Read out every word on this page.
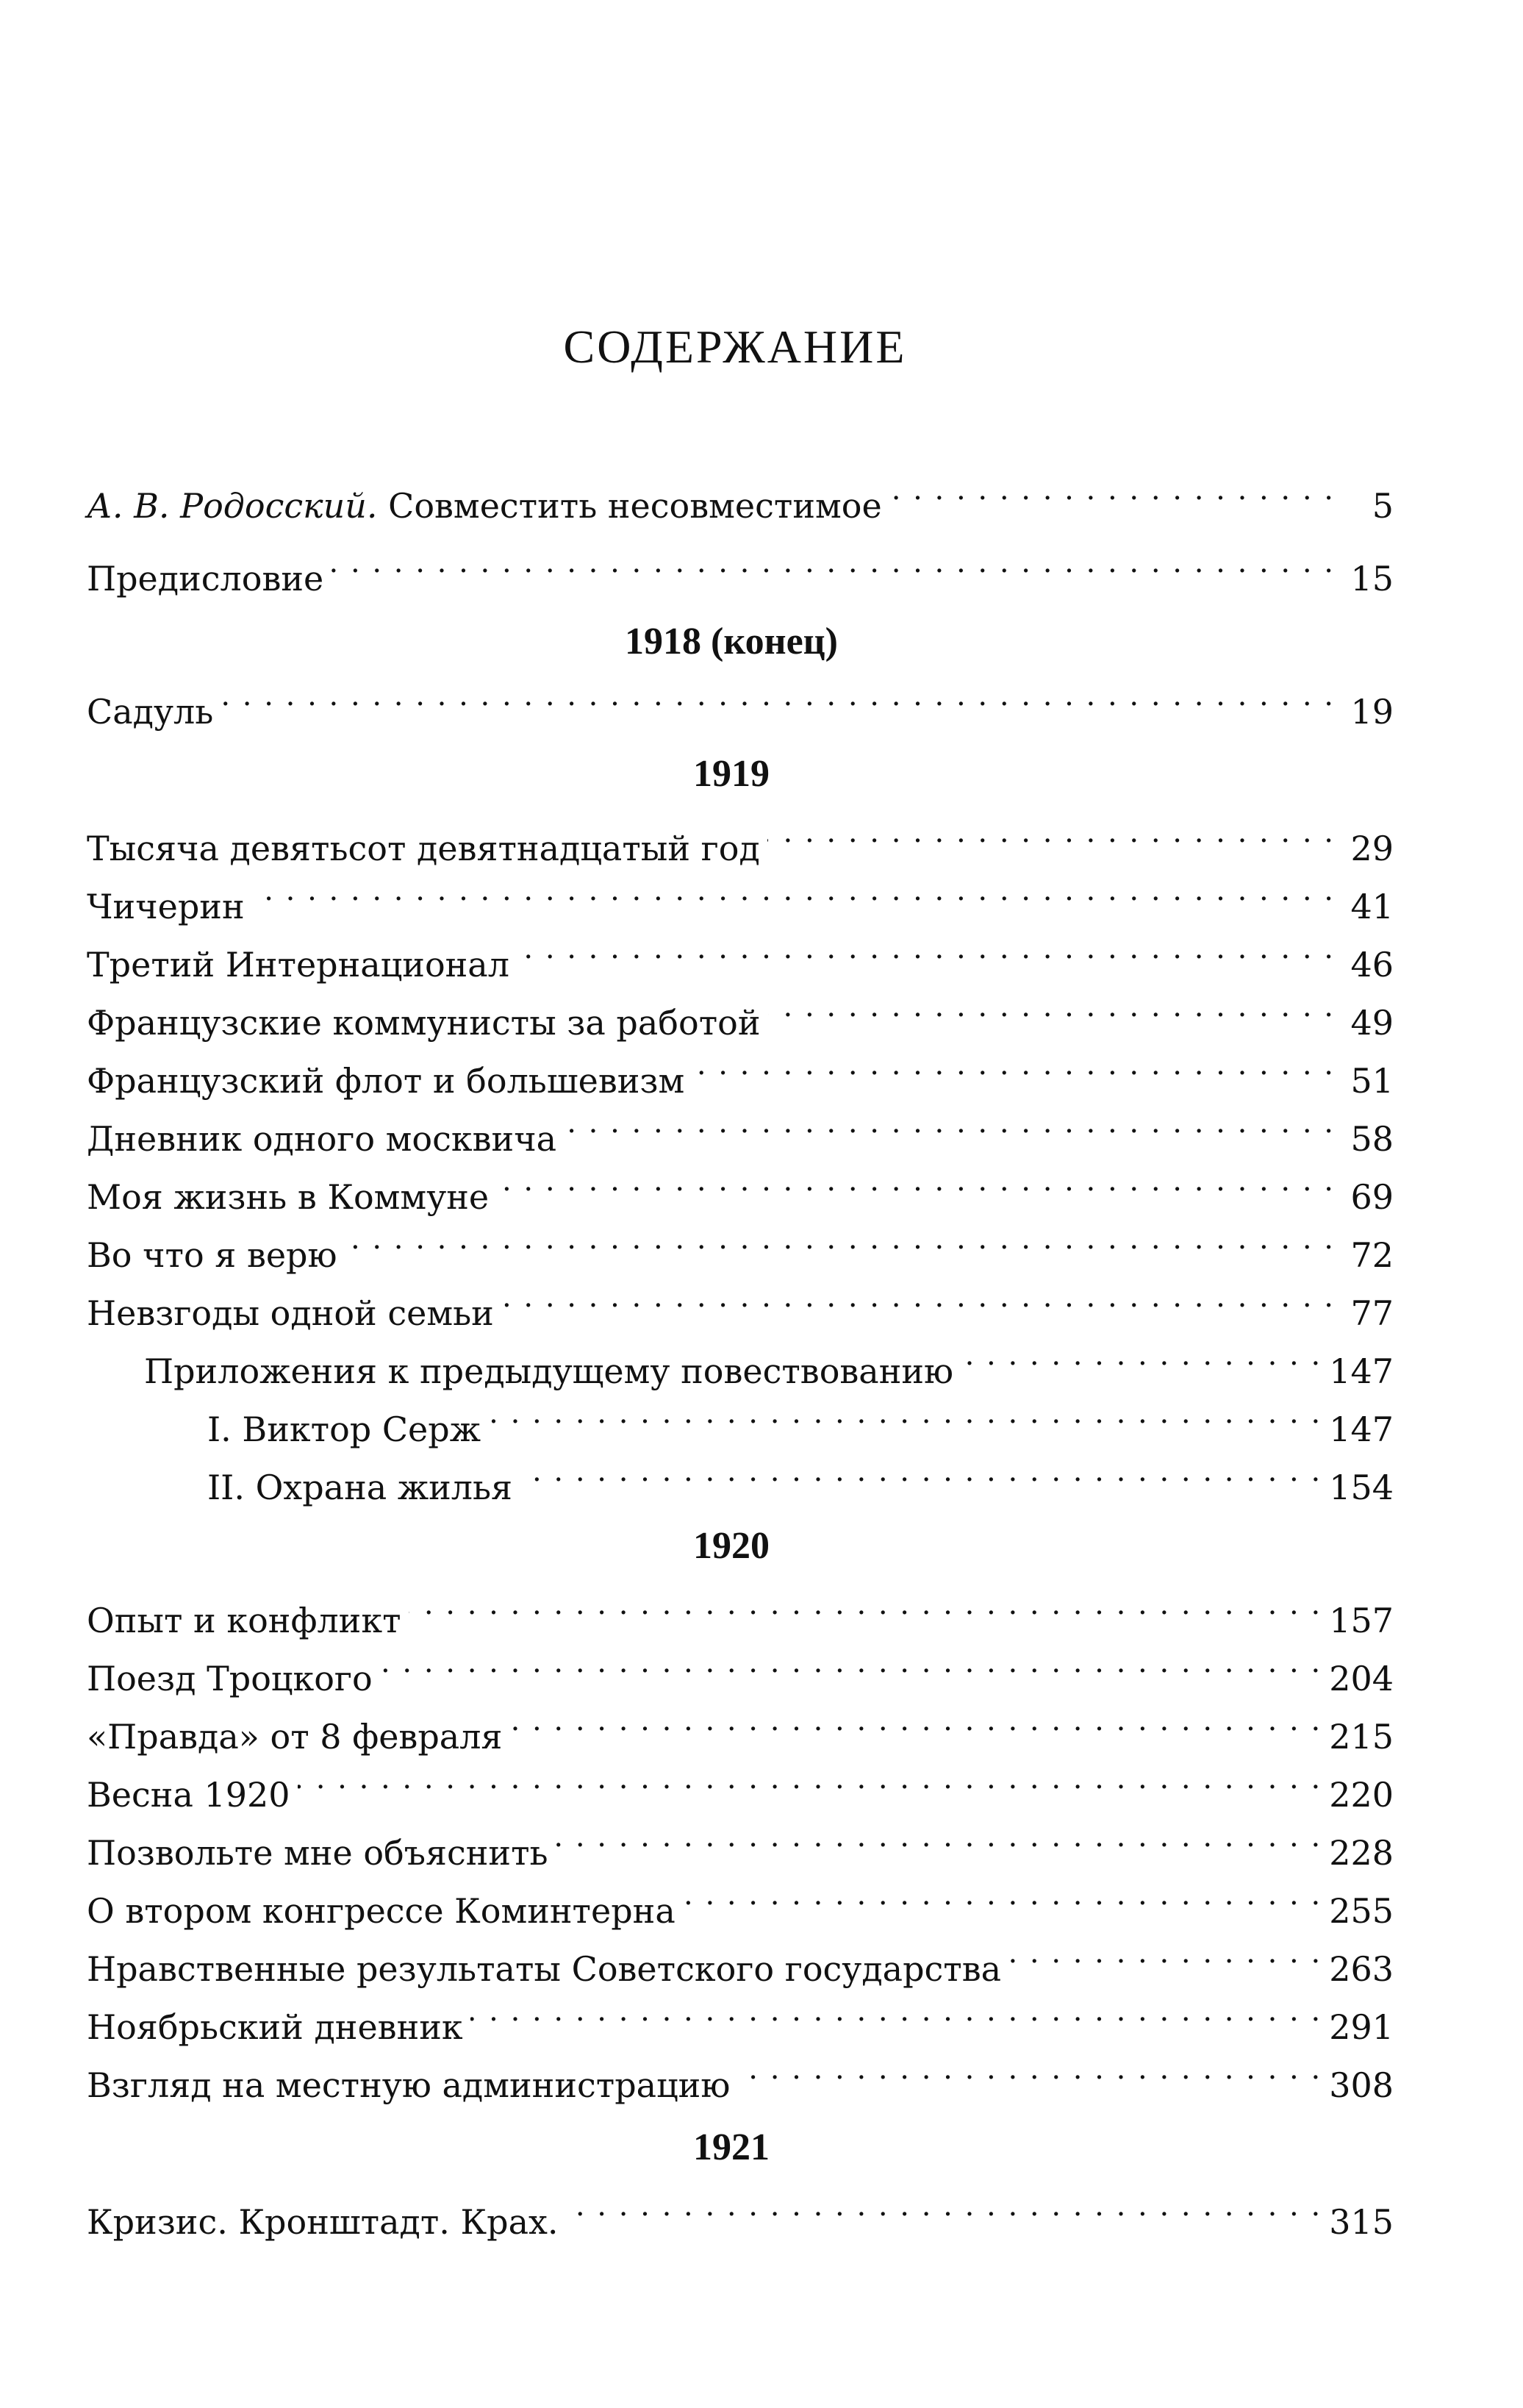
СОДЕРЖАНИЕ
А. В. Родосский. Совместить несовместимое . . .	5
Предисловие . . .	15
1918 (конец)
Садуль . . .	19
1919
Тысяча девятьсот девятнадцатый год . . .	29
Чичерин . . .	41
Третий Интернационал . . .	46
Французские коммунисты за работой . . .	49
Французский флот и большевизм . . .	51
Дневник одного москвича . . .	58
Моя жизнь в Коммуне . . .	69
Во что я верю . . .	72
Невзгоды одной семьи . . .	77
Приложения к предыдущему повествованию . . .	147
I. Виктор Серж . . .	147
II. Охрана жилья . . .	154
1920
Опыт и конфликт . . .	157
Поезд Троцкого . . .	204
«Правда» от 8 февраля . . .	215
Весна 1920 . . .	220
Позвольте мне объяснить . . .	228
О втором конгрессе Коминтерна . . .	255
Нравственные результаты Советского государства . . .	263
Ноябрьский дневник . . .	291
Взгляд на местную администрацию . . .	308
1921
Кризис. Кронштадт. Крах. . . .	315
